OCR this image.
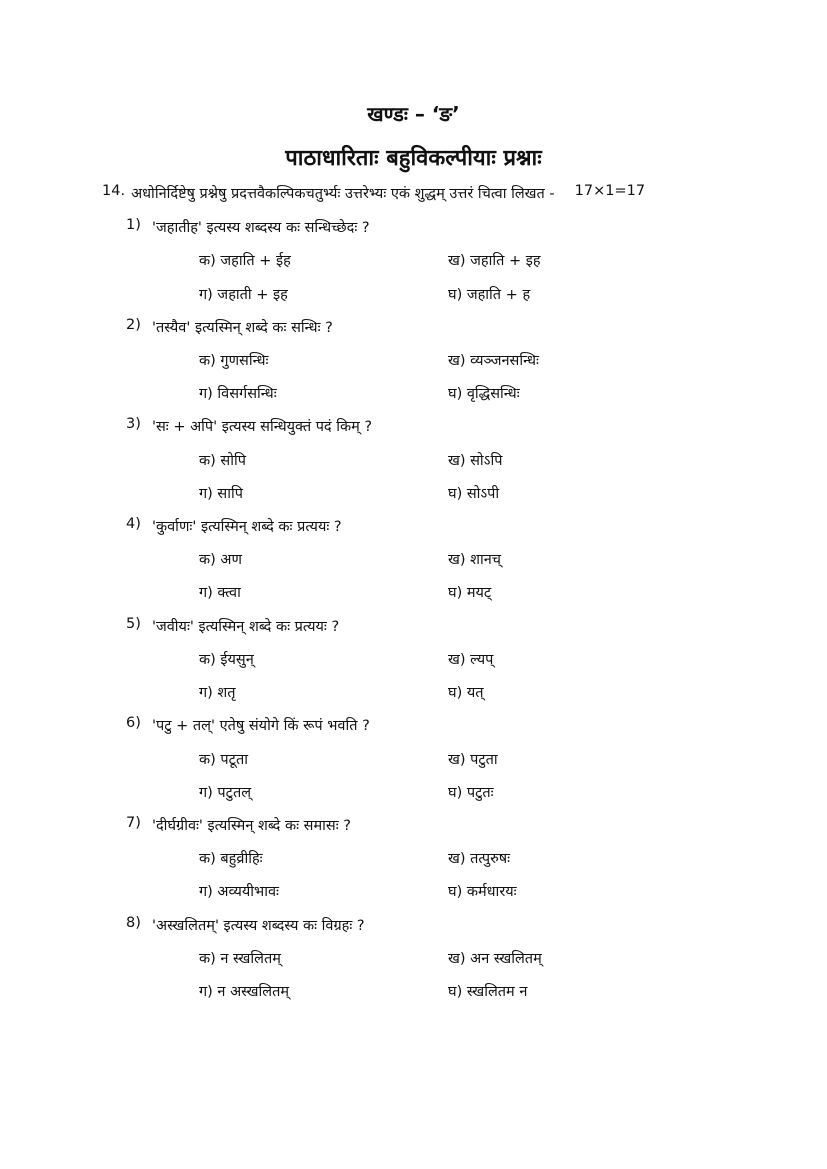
खण्डः – ‘ङ’
पाठाधारिताः बहुविकल्पीयाः प्रश्नाः
14. अधोनिर्दिष्टेषु प्रश्नेषु प्रदत्तवैकल्पिकचतुर्भ्यः उत्तरेभ्यः एकं शुद्धम् उत्तरं चित्वा लिखत - 17×1=17
1) 'जहातीह' इत्यस्य शब्दस्य कः सन्धिच्छेदः ?
क) जहाति + ईह	ख) जहाति + इह
ग) जहाती + इह	घ) जहाति + ह
2) 'तस्यैव' इत्यस्मिन् शब्दे कः सन्धिः ?
क) गुणसन्धिः	ख) व्यञ्जनसन्धिः
ग) विसर्गसन्धिः	घ) वृद्धिसन्धिः
3) 'सः + अपि' इत्यस्य सन्धियुक्तं पदं किम् ?
क) सोपि	ख) सोऽपि
ग) सापि	घ) सोऽपी
4) 'कुर्वाणः' इत्यस्मिन् शब्दे कः प्रत्ययः ?
क) अण	ख) शानच्
ग) क्त्वा	घ) मयट्
5) 'जवीयः' इत्यस्मिन् शब्दे कः प्रत्ययः ?
क) ईयसुन्	ख) ल्यप्
ग) शतृ	घ) यत्
6) 'पटु + तल्' एतेषु संयोगे किं रूपं भवति ?
क) पटूता	ख) पटुता
ग) पटुतल्	घ) पटुतः
7) 'दीर्घग्रीवः' इत्यस्मिन् शब्दे कः समासः ?
क) बहुव्रीहिः	ख) तत्पुरुषः
ग) अव्ययीभावः	घ) कर्मधारयः
8) 'अस्खलितम्' इत्यस्य शब्दस्य कः विग्रहः ?
क) न स्खलितम्	ख) अन स्खलितम्
ग) न अस्खलितम्	घ) स्खलितम न
